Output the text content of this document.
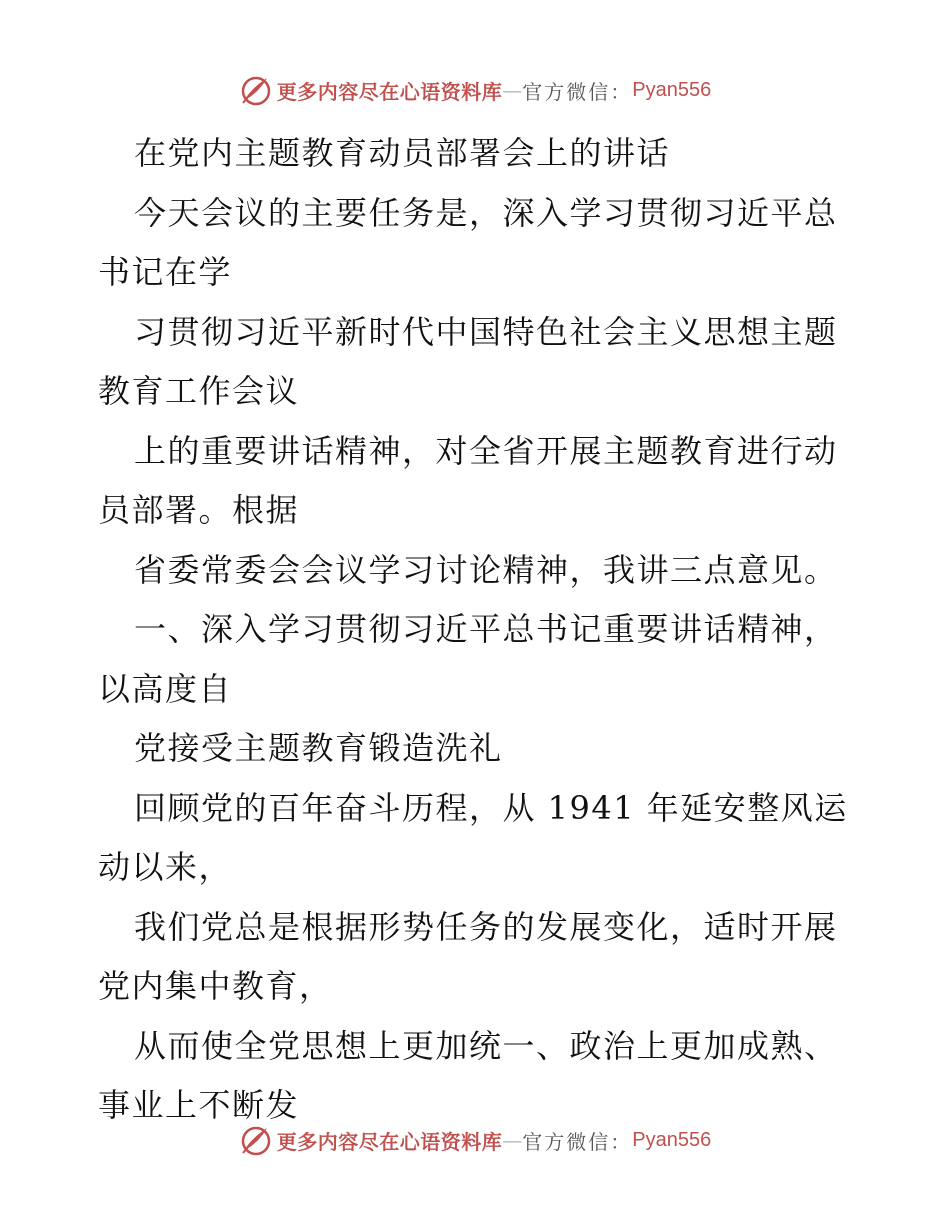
更多内容尽在心语资料库 — 官方微信： Pyan556
在党内主题教育动员部署会上的讲话
今天会议的主要任务是，深入学习贯彻习近平总
书记在学
习贯彻习近平新时代中国特色社会主义思想主题
教育工作会议
上的重要讲话精神，对全省开展主题教育进行动
员部署。根据
省委常委会会议学习讨论精神，我讲三点意见。
一、深入学习贯彻习近平总书记重要讲话精神，
以高度自
党接受主题教育锻造洗礼
回顾党的百年奋斗历程，从 1941 年延安整风运
动以来，
我们党总是根据形势任务的发展变化，适时开展
党内集中教育，
从而使全党思想上更加统一、政治上更加成熟、
事业上不断发
更多内容尽在心语资料库 — 官方微信： Pyan556
